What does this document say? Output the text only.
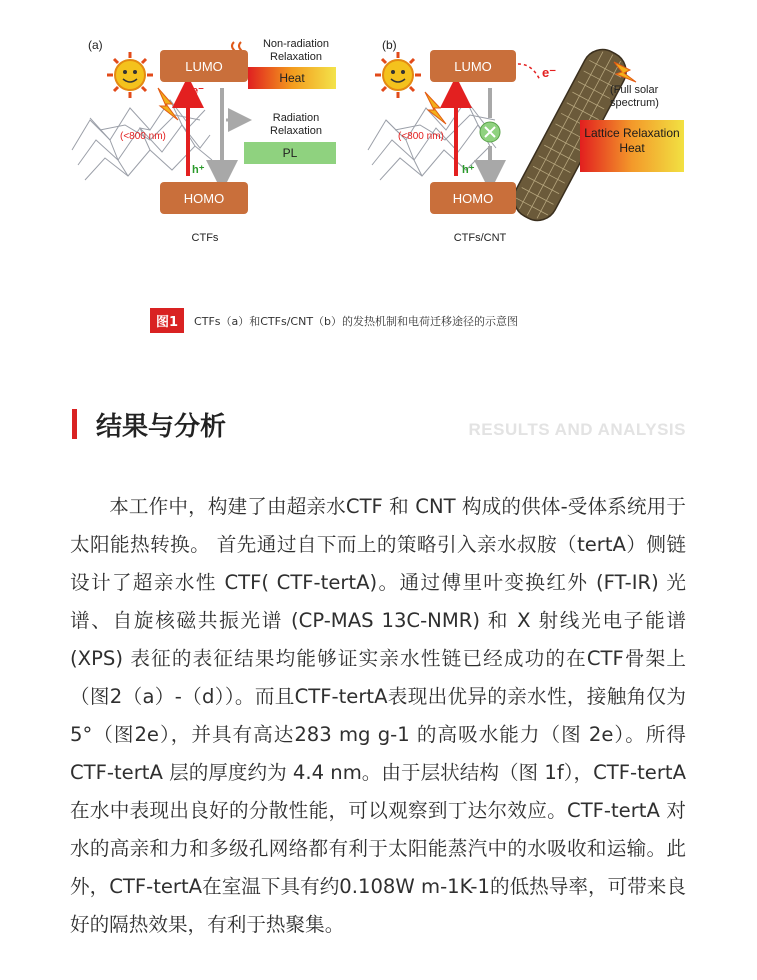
(a)
LUMO
HOMO
e⁻
h⁺
(<800 nm)
Non-radiation Relaxation
Heat
Radiation Relaxation
PL
CTFs
(b)
LUMO
HOMO
e⁻
h⁺
(<800 nm)
(Full solar spectrum)
Lattice Relaxation Heat
CTFs/CNT
图1	CTFs（a）和CTFs/CNT（b）的发热机制和电荷迁移途径的示意图
结果与分析	RESULTS AND ANALYSIS
本工作中，构建了由超亲水CTF 和 CNT 构成的供体-受体系统用于太阳能热转换。 首先通过自下而上的策略引入亲水叔胺（tertA）侧链设计了超亲水性 CTF( CTF-tertA)。通过傅里叶变换红外 (FT-IR) 光谱、自旋核磁共振光谱 (CP-MAS 13C-NMR) 和 X 射线光电子能谱 (XPS) 表征的表征结果均能够证实亲水性链已经成功的在CTF骨架上（图2（a）-（d））。而且CTF-tertA表现出优异的亲水性，接触角仅为5°（图2e），并具有高达283 mg g-1 的高吸水能力（图 2e）。所得 CTF-tertA 层的厚度约为 4.4 nm。由于层状结构（图 1f），CTF-tertA 在水中表现出良好的分散性能，可以观察到丁达尔效应。CTF-tertA 对水的高亲和力和多级孔网络都有利于太阳能蒸汽中的水吸收和运输。此外，CTF-tertA在室温下具有约0.108W m-1K-1的低热导率，可带来良好的隔热效果，有利于热聚集。
